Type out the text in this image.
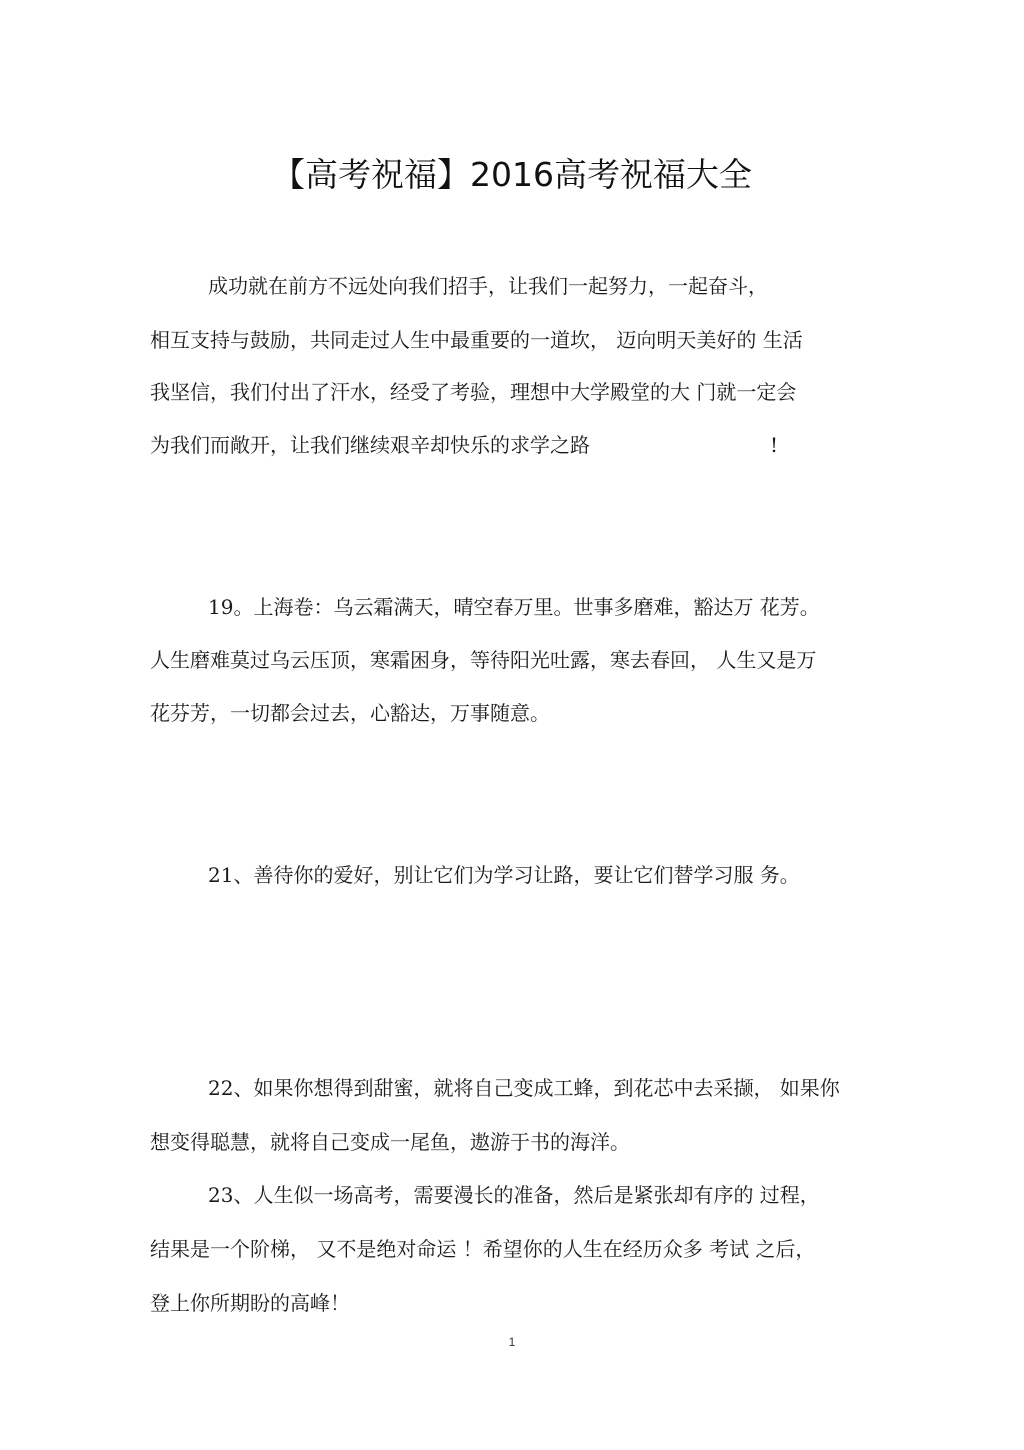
【高考祝福】2016高考祝福大全
成功就在前方不远处向我们招手，让我们一起努力，一起奋斗，
相互支持与鼓励，共同走过人生中最重要的一道坎， 迈向明天美好的 生活
我坚信，我们付出了汗水，经受了考验，理想中大学殿堂的大 门就一定会
为我们而敞开，让我们继续艰辛却快乐的求学之路	!
19。上海卷：乌云霜满天，晴空春万里。世事多磨难，豁达万 花芳。
人生磨难莫过乌云压顶，寒霜困身，等待阳光吐露，寒去春回， 人生又是万
花芬芳，一切都会过去，心豁达，万事随意。
21、善待你的爱好，别让它们为学习让路，要让它们替学习服 务。
22、如果你想得到甜蜜，就将自己变成工蜂，到花芯中去采撷， 如果你
想变得聪慧，就将自己变成一尾鱼，遨游于书的海洋。
23、人生似一场高考，需要漫长的准备，然后是紧张却有序的 过程，
结果是一个阶梯， 又不是绝对命运 ！希望你的人生在经历众多 考试 之后，
登上你所期盼的高峰！
1
